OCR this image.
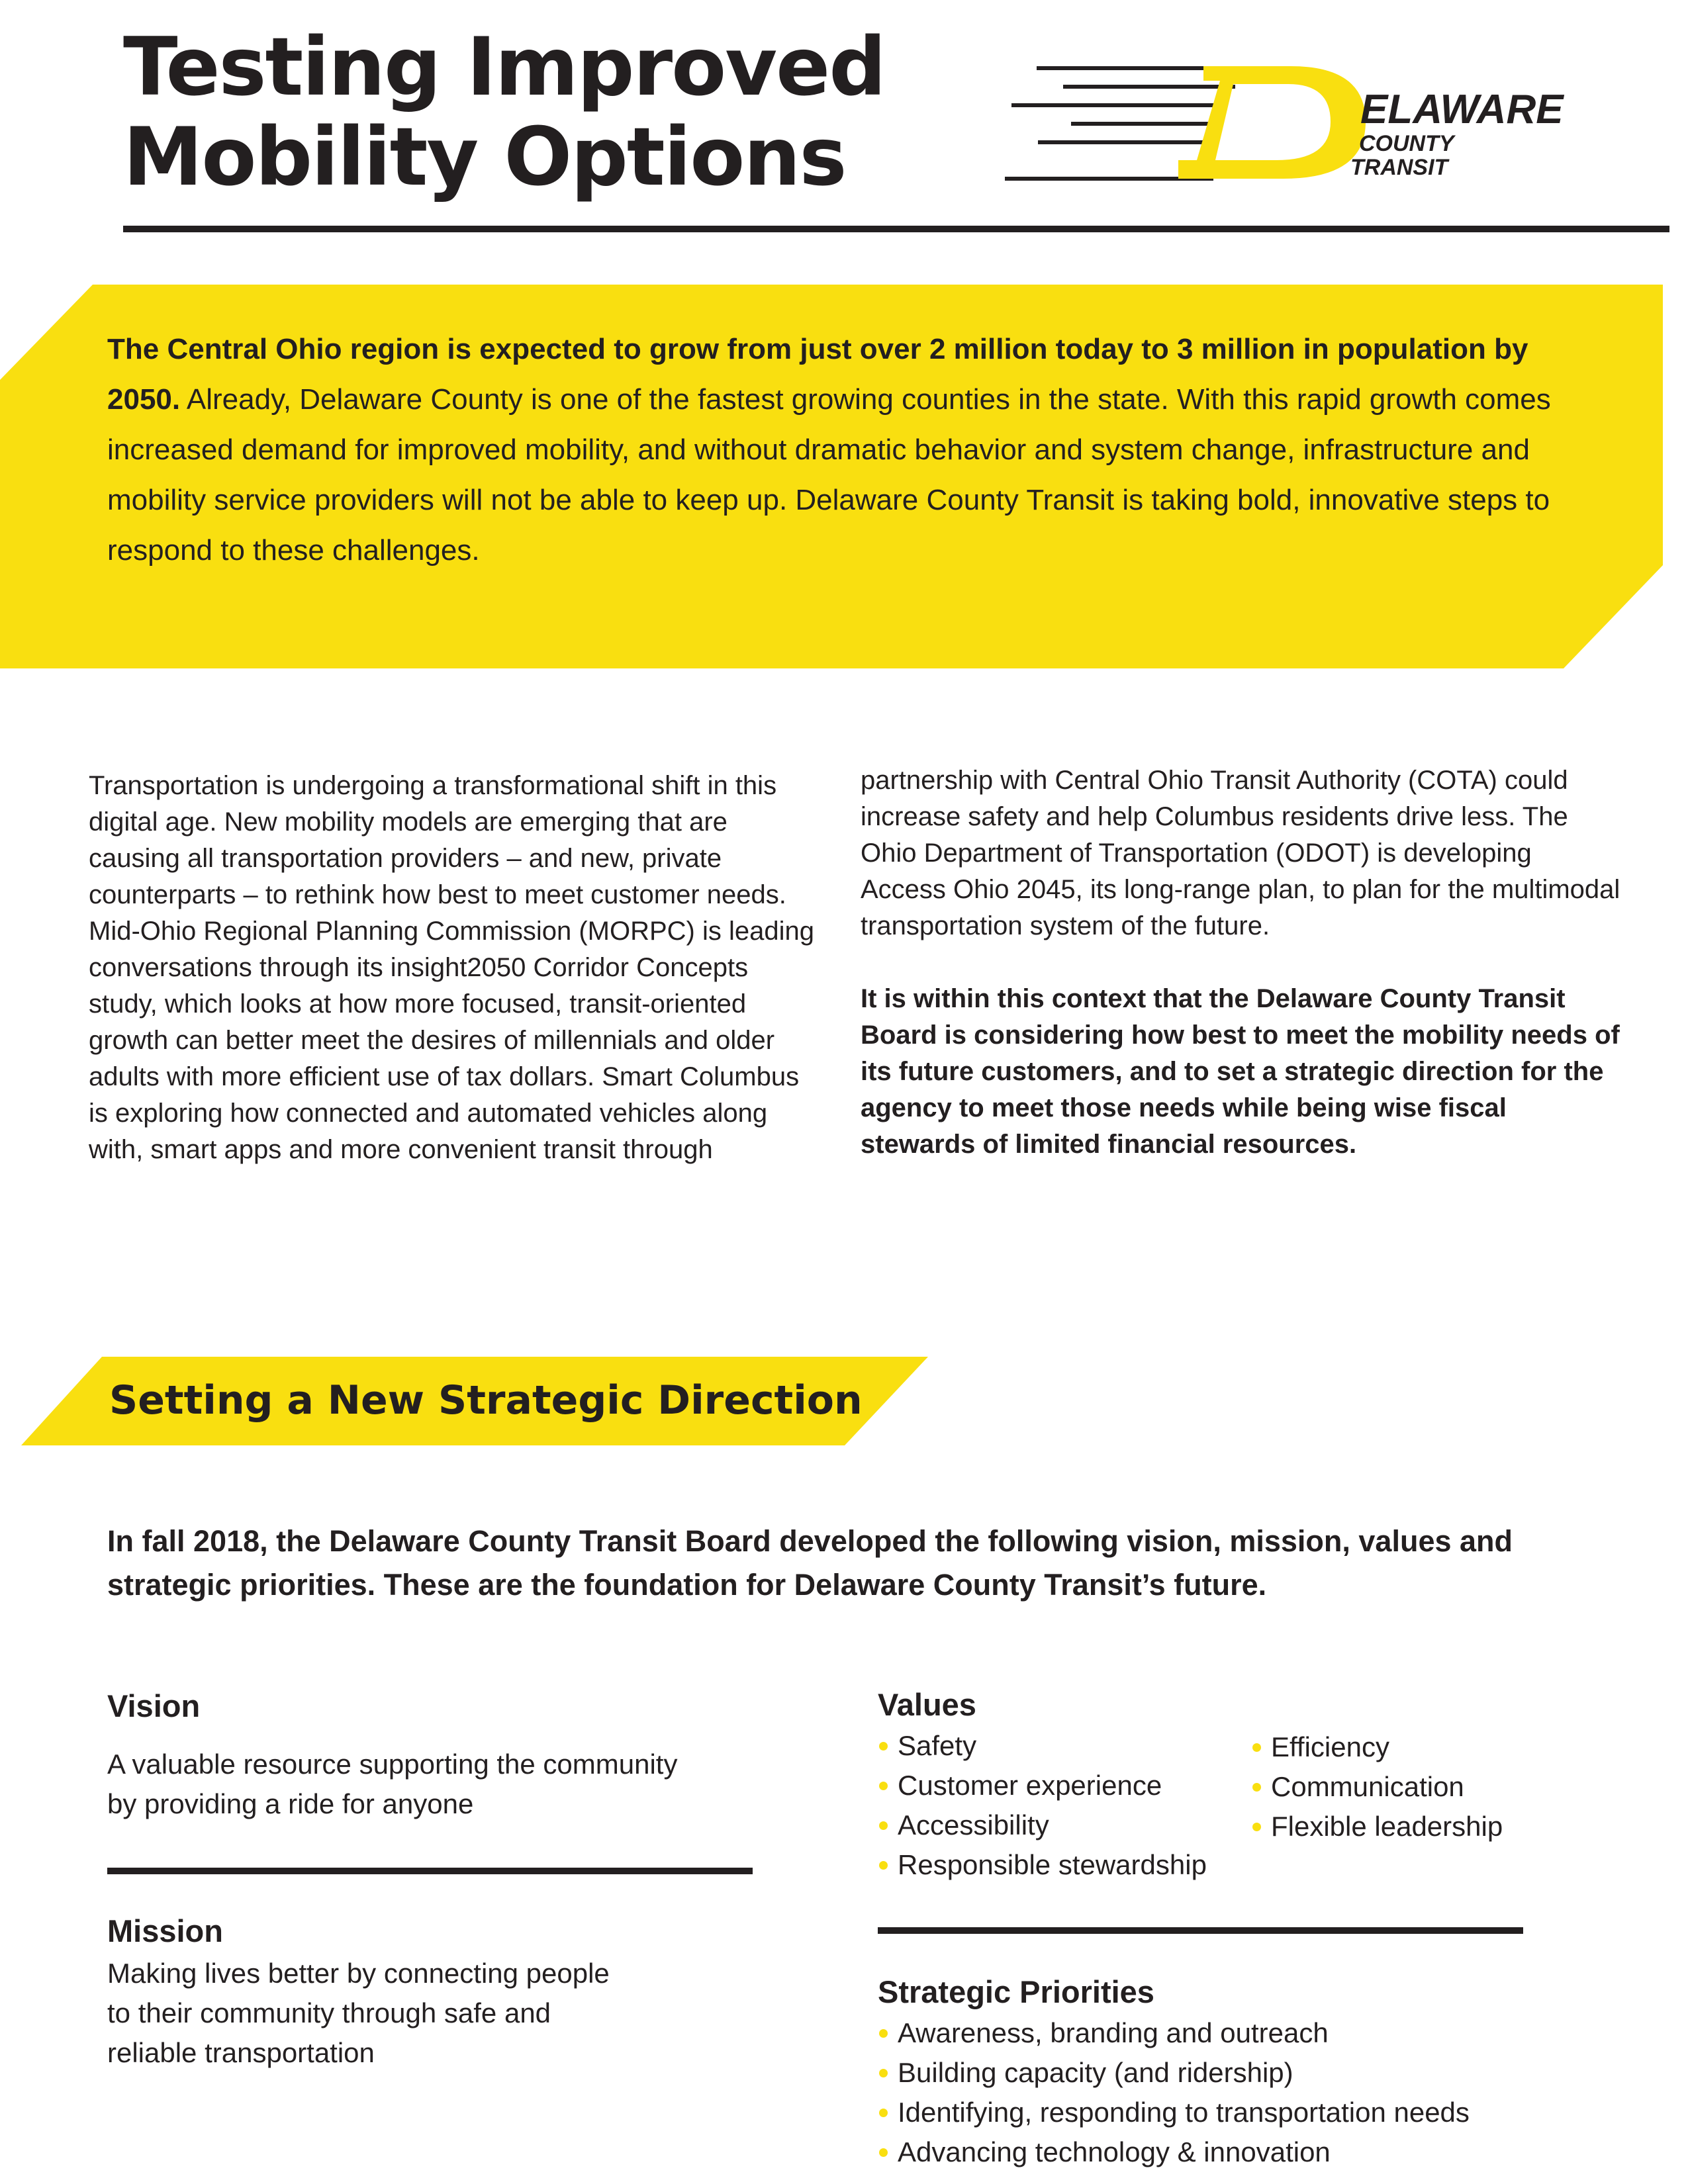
Testing Improved
Mobility Options
ELAWARE
COUNTY
TRANSIT
The Central Ohio region is expected to grow from just over 2 million today to 3 million in population by 2050. Already, Delaware County is one of the fastest growing counties in the state. With this rapid growth comes increased demand for improved mobility, and without dramatic behavior and system change, infrastructure and mobility service providers will not be able to keep up. Delaware County Transit is taking bold, innovative steps to respond to these challenges.
Transportation is undergoing a transformational shift in this digital age. New mobility models are emerging that are causing all transportation providers – and new, private counterparts – to rethink how best to meet customer needs. Mid-Ohio Regional Planning Commission (MORPC) is leading conversations through its insight2050 Corridor Concepts study, which looks at how more focused, transit-oriented growth can better meet the desires of millennials and older adults with more efficient use of tax dollars. Smart Columbus is exploring how connected and automated vehicles along with, smart apps and more convenient transit through

partnership with Central Ohio Transit Authority (COTA) could increase safety and help Columbus residents drive less. The Ohio Department of Transportation (ODOT) is developing Access Ohio 2045, its long-range plan, to plan for the multimodal transportation system of the future.

It is within this context that the Delaware County Transit Board is considering how best to meet the mobility needs of its future customers, and to set a strategic direction for the agency to meet those needs while being wise fiscal stewards of limited financial resources.

Setting a New Strategic Direction
In fall 2018, the Delaware County Transit Board developed the following vision, mission, values and strategic priorities. These are the foundation for Delaware County Transit’s future.
Vision
A valuable resource supporting the community
by providing a ride for anyone
Mission
Making lives better by connecting people
to their community through safe and
reliable transportation
Values
Safety
Customer experience
Accessibility
Responsible stewardship
Efficiency
Communication
Flexible leadership
Strategic Priorities
Awareness, branding and outreach
Building capacity (and ridership)
Identifying, responding to transportation needs
Advancing technology & innovation
